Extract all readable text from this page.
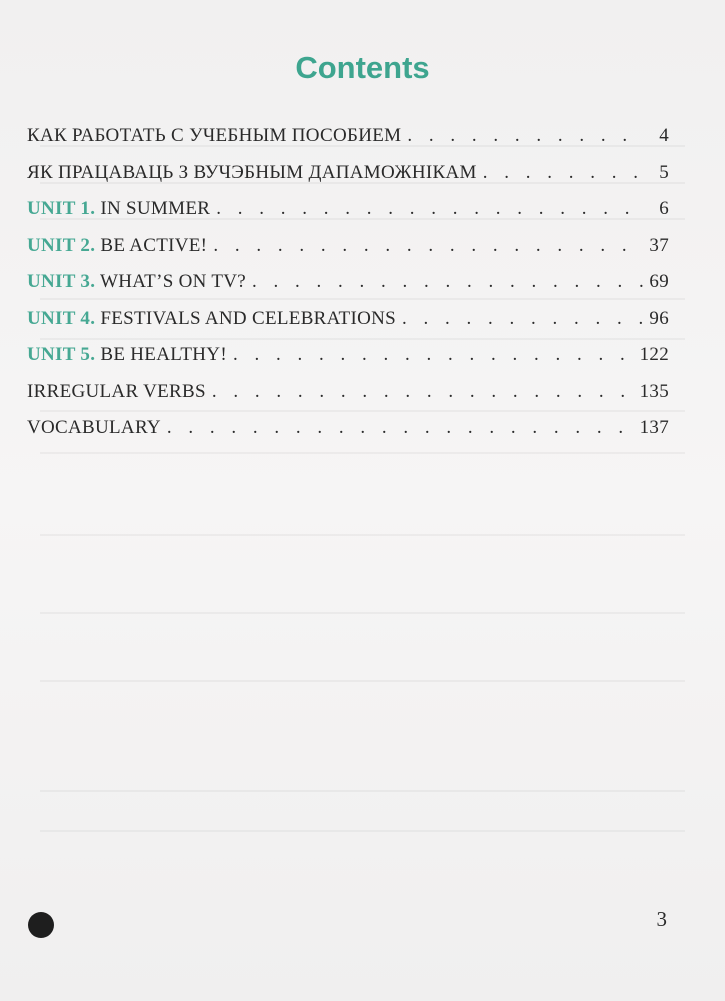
Contents
КАК РАБОТАТЬ С УЧЕБНЫМ ПОСОБИЕМ . . .	4
ЯК ПРАЦАВАЦЬ З ВУЧЭБНЫМ ДАПАМОЖНІКАМ . . .	5
UNIT 1. IN SUMMER . . .	6
UNIT 2. BE ACTIVE! . . .	37
UNIT 3. WHAT’S ON TV? . . .	69
UNIT 4. FESTIVALS AND CELEBRATIONS . . .	96
UNIT 5. BE HEALTHY! . . .	122
IRREGULAR VERBS . . .	135
VOCABULARY . . .	137
3
